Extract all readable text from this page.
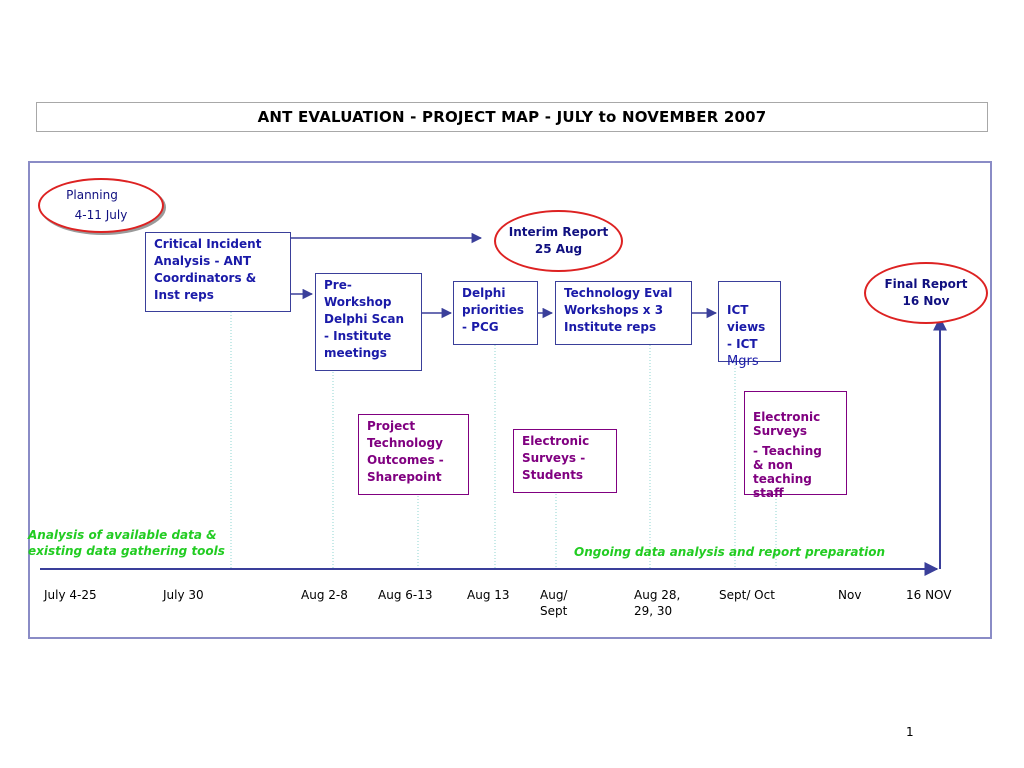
ANT EVALUATION - PROJECT MAP - JULY to NOVEMBER 2007
Planning
4-11 July
Interim Report
25 Aug
Final Report
16 Nov
Critical Incident
Analysis - ANT
Coordinators &
Inst reps
Pre-
Workshop
Delphi Scan
- Institute
meetings
Delphi
priorities
- PCG
Technology Eval
Workshops x 3
Institute reps

ICT
views
- ICT

Mgrs

Project
Technology
Outcomes -
Sharepoint
Electronic
Surveys -
Students

Electronic
Surveys

- Teaching
& non
teaching
staff

Analysis of available data &
existing data gathering tools	Ongoing data analysis and report preparation
July 4-25	July 30	Aug 2-8	Aug 6-13	Aug 13	Aug/
Sept
Aug 28,
29, 30
Sept/ Oct	Nov	16 NOV
1
